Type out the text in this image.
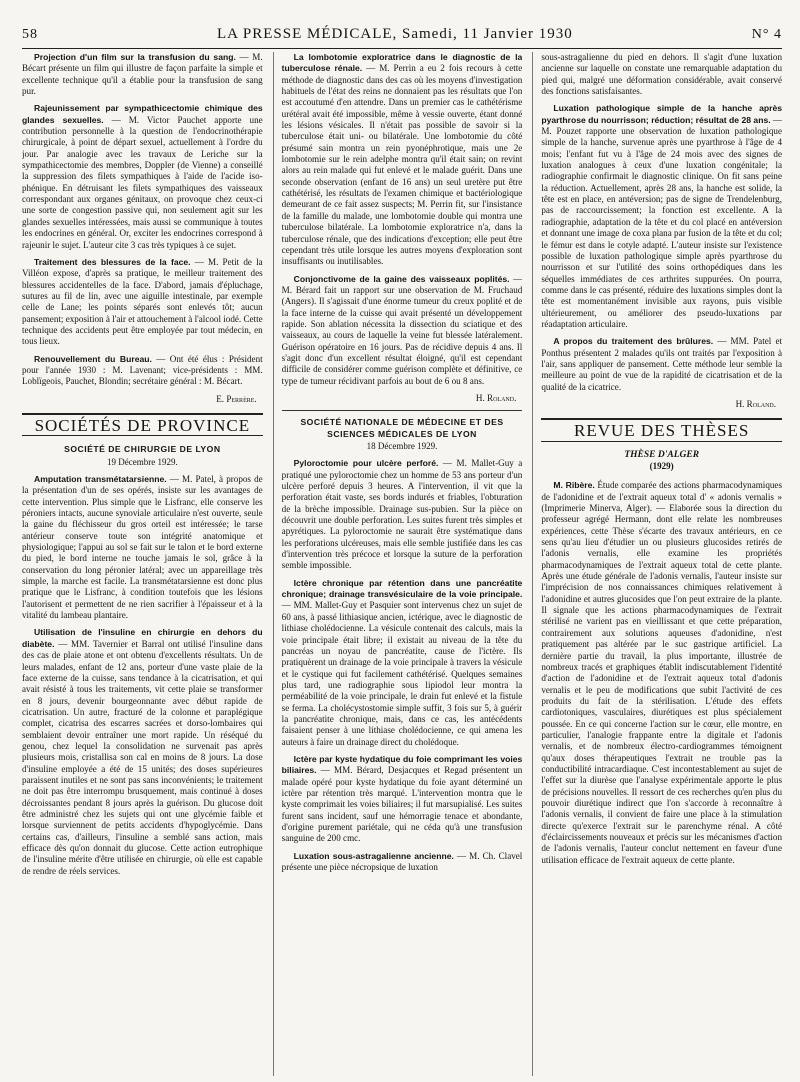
58	LA PRESSE MÉDICALE, Samedi, 11 Janvier 1930	N° 4

Projection d'un film sur la transfusion du sang. — M. Bécart présente un film qui illustre de façon parfaite la simple et excellente technique qu'il a établie pour la transfusion de sang pur.

Rajeunissement par sympathicectomie chimique des glandes sexuelles. — M. Victor Pauchet apporte une contribution personnelle à la question de l'endocrinothérapie chirurgicale, à point de départ sexuel, actuellement à l'ordre du jour. Par analogie avec les travaux de Leriche sur la sympathicectomie des membres, Doppler (de Vienne) a conseillé la suppression des filets sympathiques à l'aide de l'acide iso-phénique. En détruisant les filets sympathiques des vaisseaux correspondant aux organes génitaux, on provoque chez ceux-ci une sorte de congestion passive qui, non seulement agit sur les glandes sexuelles intéressées, mais aussi se communique à toutes les endocrines en général. Or, exciter les endocrines correspond à rajeunir le sujet. L'auteur cite 3 cas très typiques à ce sujet.

Traitement des blessures de la face. — M. Petit de la Villéon expose, d'après sa pratique, le meilleur traitement des blessures accidentelles de la face. D'abord, jamais d'épluchage, sutures au fil de lin, avec une aiguille intestinale, par exemple celle de Lane; les points séparés sont enlevés tôt; aucun pansement; exposition à l'air et attouchement à l'alcool iodé. Cette technique des accidents peut être employée par tout médecin, en tous lieux.

Renouvellement du Bureau. — Ont été élus : Président pour l'année 1930 : M. Lavenant; vice-présidents : MM. Loblïgeois, Pauchet, Blondin; secrétaire général : M. Bécart.

E. Perrère.
SOCIÉTÉS DE PROVINCE
SOCIÉTÉ DE CHIRURGIE DE LYON
19 Décembre 1929.

Amputation transmétatarsienne. — M. Patel, à propos de la présentation d'un de ses opérés, insiste sur les avantages de cette intervention. Plus simple que le Lisfranc, elle conserve les péroniers intacts, aucune synoviale articulaire n'est ouverte, seule la gaine du fléchisseur du gros orteil est intéressée; le tarse antérieur conserve toute son intégrité anatomique et physiologique; l'appui au sol se fait sur le talon et le bord externe du pied, le bord interne ne touche jamais le sol, grâce à la conservation du long péronier latéral; avec un appareillage très simple, la marche est facile. La transmétatarsienne est donc plus pratique que le Lisfranc, à condition toutefois que les lésions l'autorisent et permettent de ne rien sacrifier à l'épaisseur et à la vitalité du lambeau plantaire.

Utilisation de l'insuline en chirurgie en dehors du diabète. — MM. Tavernier et Barral ont utilisé l'insuline dans des cas de plaie atone et ont obtenu d'excellents résultats. Un de leurs malades, enfant de 12 ans, porteur d'une vaste plaie de la face externe de la cuisse, sans tendance à la cicatrisation, et qui avait résisté à tous les traitements, vit cette plaie se transformer en 8 jours, devenir bourgeonnante avec début rapide de cicatrisation. Un autre, fracturé de la colonne et paraplégique complet, cicatrisa des escarres sacrées et dorso-lombaires qui semblaient devoir entraîner une mort rapide. Un réséqué du genou, chez lequel la consolidation ne survenait pas après plusieurs mois, cristallisa son cal en moins de 8 jours. La dose d'insuline employée a été de 15 unités; des doses supérieures paraissent inutiles et ne sont pas sans inconvénients; le traitement ne doit pas être interrompu brusquement, mais continué à doses décroissantes pendant 8 jours après la guérison. Du glucose doit être administré chez les sujets qui ont une glycémie faible et lorsque surviennent de petits accidents d'hypoglycémie. Dans certains cas, d'ailleurs, l'insuline a semblé sans action, mais efficace dès qu'on donnait du glucose. Cette action eutrophique de l'insuline mérite d'être utilisée en chirurgie, où elle est capable de rendre de réels services.

La lombotomie exploratrice dans le diagnostic de la tuberculose rénale. — M. Perrin a eu 2 fois recours à cette méthode de diagnostic dans des cas où les moyens d'investigation habituels de l'état des reins ne donnaient pas les résultats que l'on est accoutumé d'en attendre. Dans un premier cas le cathétérisme urétéral avait été impossible, même à vessie ouverte, étant donné les lésions vésicales. Il n'était pas possible de savoir si la tuberculose était uni- ou bilatérale. Une lombotomie du côté présumé sain montra un rein pyonéphrotique, mais une 2e lombotomie sur le rein adelphe montra qu'il était sain; on revint alors au rein malade qui fut enlevé et le malade guérit. Dans une seconde observation (enfant de 16 ans) un seul uretère put être cathétérisé, les résultats de l'examen chimique et bactériologique demeurant de ce fait assez suspects; M. Perrin fit, sur l'insistance de la famille du malade, une lombotomie double qui montra une tuberculose bilatérale. La lombotomie exploratrice n'a, dans la tuberculose rénale, que des indications d'exception; elle peut être cependant très utile lorsque les autres moyens d'exploration sont insuffisants ou inutilisables.

Conjonctivome de la gaine des vaisseaux poplités. — M. Bérard fait un rapport sur une observation de M. Fruchaud (Angers). Il s'agissait d'une énorme tumeur du creux poplité et de la face interne de la cuisse qui avait présenté un développement rapide. Son ablation nécessita la dissection du sciatique et des vaisseaux, au cours de laquelle la veine fut blessée latéralement. Guérison opératoire en 16 jours. Pas de récidive depuis 4 ans. Il s'agit donc d'un excellent résultat éloigné, qu'il est cependant difficile de considérer comme guérison complète et définitive, ce type de tumeur récidivant parfois au bout de 6 ou 8 ans.

H. Roland.
SOCIÉTÉ NATIONALE DE MÉDECINE ET DES SCIENCES MÉDICALES DE LYON
18 Décembre 1929.

Pyloroctomie pour ulcère perforé. — M. Mallet-Guy a pratiqué une pyloroctomie chez un homme de 53 ans porteur d'un ulcère perforé depuis 3 heures. A l'intervention, il vit que la perforation était vaste, ses bords indurés et friables, l'obturation de la brèche impossible. Drainage sus-pubien. Sur la pièce on découvrit une double perforation. Les suites furent très simples et apyrétiques. La pyloroctomie ne saurait être systématique dans les perforations ulcéreuses, mais elle semble justifiée dans les cas d'intervention très précoce et lorsque la suture de la perforation semble impossible.

Ictère chronique par rétention dans une pancréatite chronique; drainage transvésiculaire de la voie principale. — MM. Mallet-Guy et Pasquier sont intervenus chez un sujet de 60 ans, à passé lithiasique ancien, ictérique, avec le diagnostic de lithiase cholédocienne. La vésicule contenait des calculs, mais la voie principale était libre; il existait au niveau de la tête du pancréas un noyau de pancréatite, cause de l'ictère. Ils pratiquèrent un drainage de la voie principale à travers la vésicule et le cystique qui fut facilement cathétérisé. Quelques semaines plus tard, une radiographie sous lipiodol leur montra la perméabilité de la voie principale, le drain fut enlevé et la fistule se ferma. La cholécystostomie simple suffit, 3 fois sur 5, à guérir la pancréatite chronique, mais, dans ce cas, les antécédents faisaient penser à une lithiase cholédocienne, ce qui amena les auteurs à faire un drainage direct du cholédoque.

Ictère par kyste hydatique du foie comprimant les voies biliaires. — MM. Bérard, Desjacques et Regad présentent un malade opéré pour kyste hydatique du foie ayant déterminé un ictère par rétention très marqué. L'intervention montra que le kyste comprimait les voies biliaires; il fut marsupialisé. Les suites furent sans incident, sauf une hémorragie tenace et abondante, d'origine purement pariétale, qui ne céda qu'à une transfusion sanguine de 200 cmc.

Luxation sous-astragalienne ancienne. — M. Ch. Clavel présente une pièce nécropsique de luxation

sous-astragalienne du pied en dehors. Il s'agit d'une luxation ancienne sur laquelle on constate une remarquable adaptation du pied qui, malgré une déformation considérable, avait conservé des fonctions satisfaisantes.

Luxation pathologique simple de la hanche après pyarthrose du nourrisson; réduction; résultat de 28 ans. — M. Pouzet rapporte une observation de luxation pathologique simple de la hanche, survenue après une pyarthrose à l'âge de 4 mois; l'enfant fut vu à l'âge de 24 mois avec des signes de luxation analogues à ceux d'une luxation congénitale; la radiographie confirmait le diagnostic clinique. On fit sans peine la réduction. Actuellement, après 28 ans, la hanche est solide, la tête est en place, en antéversion; pas de signe de Trendelenburg, pas de raccourcissement; la fonction est excellente. A la radiographie, adaptation de la tête et du col placé en antéversion et donnant une image de coxa plana par fusion de la tête et du col; le fémur est dans le cotyle adapté. L'auteur insiste sur l'existence possible de luxation pathologique simple après pyarthrose du nourrisson et sur l'utilité des soins orthopédiques dans les séquelles immédiates de ces arthrites suppurées. On pourra, comme dans le cas présenté, réduire des luxations simples dont la tête est momentanément invisible aux rayons, puis visible ultérieurement, ou améliorer des pseudo-luxations par réadaptation articulaire.

A propos du traitement des brûlures. — MM. Patel et Ponthus présentent 2 malades qu'ils ont traités par l'exposition à l'air, sans appliquer de pansement. Cette méthode leur semble la meilleure au point de vue de la rapidité de cicatrisation et de la qualité de la cicatrice.

H. Roland.
REVUE DES THÈSES
THÈSE D'ALGER
(1929)

M. Ribère. Étude comparée des actions pharmacodynamiques de l'adonidine et de l'extrait aqueux total d' « adonis vernalis » (Imprimerie Minerva, Alger). — Elaborée sous la direction du professeur agrégé Hermann, dont elle relate les nombreuses expériences, cette Thèse s'écarte des travaux antérieurs, en ce sens qu'au lieu d'étudier un ou plusieurs glucosides retirés de l'adonis vernalis, elle examine les propriétés pharmacodynamiques de l'extrait aqueux total de cette plante. Après une étude générale de l'adonis vernalis, l'auteur insiste sur l'imprécision de nos connaissances chimiques relativement à l'adonidine et autres glucosides que l'on peut extraire de la plante. Il signale que les actions pharmacodynamiques de l'extrait stérilisé ne varient pas en vieillissant et que cette préparation, contrairement aux solutions aqueuses d'adonidine, n'est pratiquement pas altérée par le suc gastrique artificiel. La dernière partie du travail, la plus importante, illustrée de nombreux tracés et graphiques établit indiscutablement l'identité d'action de l'adonidine et de l'extrait aqueux total d'adonis vernalis et le peu de modifications que subit l'activité de ces produits du fait de la stérilisation. L'étude des effets cardiotoniques, vasculaires, diurétiques est plus spécialement poussée. En ce qui concerne l'action sur le cœur, elle montre, en particulier, l'analogie frappante entre la digitale et l'adonis vernalis, et de nombreux électro-cardiogrammes témoignent qu'aux doses thérapeutiques l'extrait ne trouble pas la conductibilité intracardiaque. C'est incontestablement au sujet de l'effet sur la diurèse que l'analyse expérimentale apporte le plus de précisions nouvelles. Il ressort de ces recherches qu'en plus du pouvoir diurétique indirect que l'on s'accorde à reconnaître à l'adonis vernalis, il convient de faire une place à la stimulation directe qu'exerce l'extrait sur le parenchyme rénal. A côté d'éclaircissements nouveaux et précis sur les mécanismes d'action de l'adonis vernalis, l'auteur conclut nettement en faveur d'une utilisation efficace de l'extrait aqueux de cette plante.
